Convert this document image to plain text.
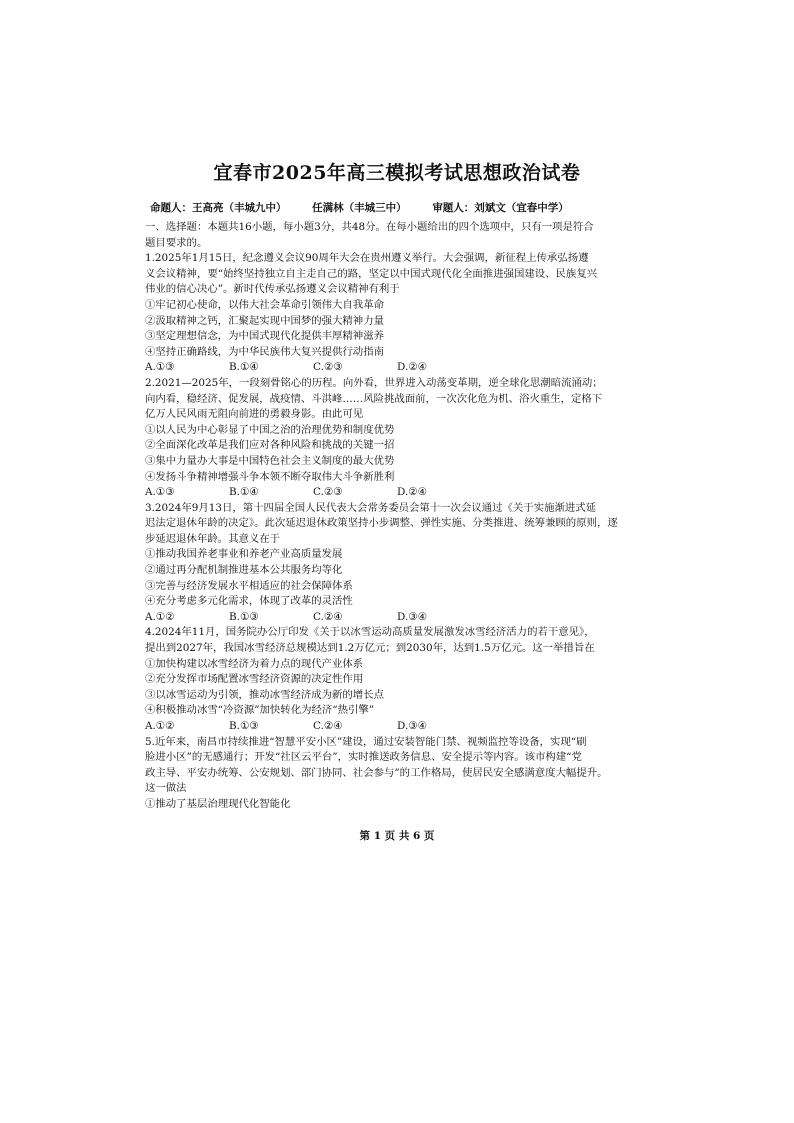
宜春市2025年高三模拟考试思想政治试卷
命题人：王高亮（丰城九中） 任满林（丰城三中） 审题人：刘斌文（宜春中学）
一、选择题：本题共16小题，每小题3分，共48分。在每小题给出的四个选项中，只有一项是符合
题目要求的。
1.2025年1月15日，纪念遵义会议90周年大会在贵州遵义举行。大会强调，新征程上传承弘扬遵
义会议精神，要“始终坚持独立自主走自己的路，坚定以中国式现代化全面推进强国建设、民族复兴
伟业的信心决心”。新时代传承弘扬遵义会议精神有利于
①牢记初心使命，以伟大社会革命引领伟大自我革命
②汲取精神之钙，汇聚起实现中国梦的强大精神力量
③坚定理想信念，为中国式现代化提供丰厚精神滋养
④坚持正确路线，为中华民族伟大复兴提供行动指南
A.①③	B.①④	C.②③	D.②④
2.2021—2025年，一段刻骨铭心的历程。向外看，世界进入动荡变革期，逆全球化思潮暗流涌动；
向内看，稳经济、促发展，战疫情、斗洪峰……风险挑战面前，一次次化危为机、浴火重生，定格下
亿万人民风雨无阻向前进的勇毅身影。由此可见
①以人民为中心彰显了中国之治的治理优势和制度优势
②全面深化改革是我们应对各种风险和挑战的关键一招
③集中力量办大事是中国特色社会主义制度的最大优势
④发扬斗争精神增强斗争本领不断夺取伟大斗争新胜利
A.①③	B.①④	C.②③	D.②④
3.2024年9月13日，第十四届全国人民代表大会常务委员会第十一次会议通过《关于实施渐进式延
迟法定退休年龄的决定》。此次延迟退休政策坚持小步调整、弹性实施、分类推进、统筹兼顾的原则，逐
步延迟退休年龄。其意义在于
①推动我国养老事业和养老产业高质量发展
②通过再分配机制推进基本公共服务均等化
③完善与经济发展水平相适应的社会保障体系
④充分考虑多元化需求，体现了改革的灵活性
A.①②	B.①③	C.②④	D.③④
4.2024年11月，国务院办公厅印发《关于以冰雪运动高质量发展激发冰雪经济活力的若干意见》，
提出到2027年，我国冰雪经济总规模达到1.2万亿元；到2030年，达到1.5万亿元。这一举措旨在
①加快构建以冰雪经济为着力点的现代产业体系
②充分发挥市场配置冰雪经济资源的决定性作用
③以冰雪运动为引领，推动冰雪经济成为新的增长点
④积极推动冰雪“冷资源”加快转化为经济“热引擎”
A.①②	B.①③	C.②④	D.③④
5.近年来，南昌市持续推进“智慧平安小区”建设，通过安装智能门禁、视频监控等设备，实现“刷
脸进小区”的无感通行；开发“社区云平台”，实时推送政务信息、安全提示等内容。该市构建“党
政主导、平安办统筹、公安规划、部门协同、社会参与”的工作格局，使居民安全感满意度大幅提升。
这一做法
①推动了基层治理现代化智能化
第 1 页 共 6 页
